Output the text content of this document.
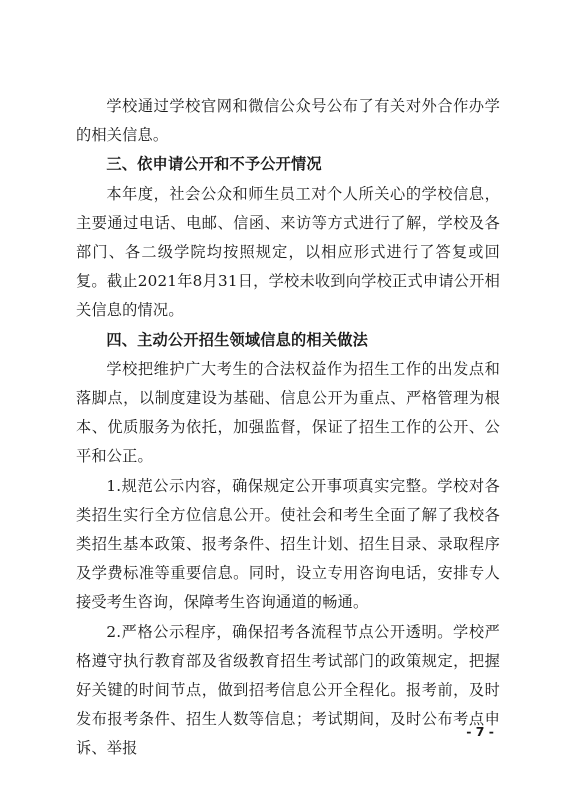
学校通过学校官网和微信公众号公布了有关对外合作办学的相关信息。

三、依申请公开和不予公开情况

本年度，社会公众和师生员工对个人所关心的学校信息，主要通过电话、电邮、信函、来访等方式进行了解，学校及各部门、各二级学院均按照规定，以相应形式进行了答复或回复。截止2021年8月31日，学校未收到向学校正式申请公开相关信息的情况。

四、主动公开招生领域信息的相关做法

学校把维护广大考生的合法权益作为招生工作的出发点和落脚点，以制度建设为基础、信息公开为重点、严格管理为根本、优质服务为依托，加强监督，保证了招生工作的公开、公平和公正。

1.规范公示内容，确保规定公开事项真实完整。学校对各类招生实行全方位信息公开。使社会和考生全面了解了我校各类招生基本政策、报考条件、招生计划、招生目录、录取程序及学费标准等重要信息。同时，设立专用咨询电话，安排专人接受考生咨询，保障考生咨询通道的畅通。

2.严格公示程序，确保招考各流程节点公开透明。学校严格遵守执行教育部及省级教育招生考试部门的政策规定，把握好关键的时间节点，做到招考信息公开全程化。报考前，及时发布报考条件、招生人数等信息；考试期间，及时公布考点申诉、举报

- 7 -
